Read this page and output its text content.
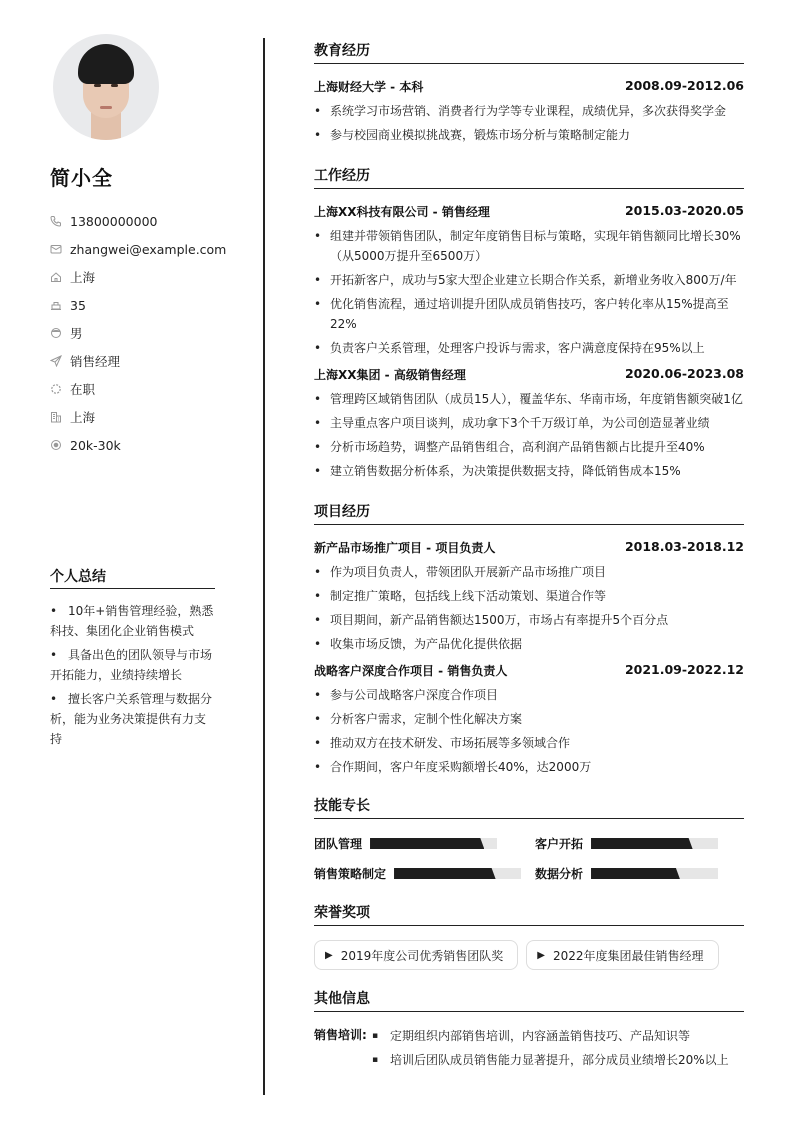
简小全
13800000000
zhangwei@example.com
上海
35
男
销售经理
在职
上海
20k-30k
个人总结
• 10年+销售管理经验，熟悉科技、集团化企业销售模式
• 具备出色的团队领导与市场开拓能力，业绩持续增长
• 擅长客户关系管理与数据分析，能为业务决策提供有力支持
教育经历
上海财经大学 - 本科	2008.09-2012.06
• 系统学习市场营销、消费者行为学等专业课程，成绩优异，多次获得奖学金
• 参与校园商业模拟挑战赛，锻炼市场分析与策略制定能力
工作经历
上海XX科技有限公司 - 销售经理	2015.03-2020.05
• 组建并带领销售团队，制定年度销售目标与策略，实现年销售额同比增长30%（从5000万提升至6500万）
• 开拓新客户，成功与5家大型企业建立长期合作关系，新增业务收入800万/年
• 优化销售流程，通过培训提升团队成员销售技巧，客户转化率从15%提高至22%
• 负责客户关系管理，处理客户投诉与需求，客户满意度保持在95%以上
上海XX集团 - 高级销售经理	2020.06-2023.08
• 管理跨区域销售团队（成员15人），覆盖华东、华南市场，年度销售额突破1亿
• 主导重点客户项目谈判，成功拿下3个千万级订单，为公司创造显著业绩
• 分析市场趋势，调整产品销售组合，高利润产品销售额占比提升至40%
• 建立销售数据分析体系，为决策提供数据支持，降低销售成本15%
项目经历
新产品市场推广项目 - 项目负责人	2018.03-2018.12
• 作为项目负责人，带领团队开展新产品市场推广项目
• 制定推广策略，包括线上线下活动策划、渠道合作等
• 项目期间，新产品销售额达1500万，市场占有率提升5个百分点
• 收集市场反馈，为产品优化提供依据
战略客户深度合作项目 - 销售负责人	2021.09-2022.12
• 参与公司战略客户深度合作项目
• 分析客户需求，定制个性化解决方案
• 推动双方在技术研发、市场拓展等多领域合作
• 合作期间，客户年度采购额增长40%，达2000万
技能专长
团队管理	客户开拓
销售策略制定	数据分析
荣誉奖项
▶ 2019年度公司优秀销售团队奖	▶ 2022年度集团最佳销售经理
其他信息
销售培训:	▪ 定期组织内部销售培训，内容涵盖销售技巧、产品知识等
▪ 培训后团队成员销售能力显著提升，部分成员业绩增长20%以上
